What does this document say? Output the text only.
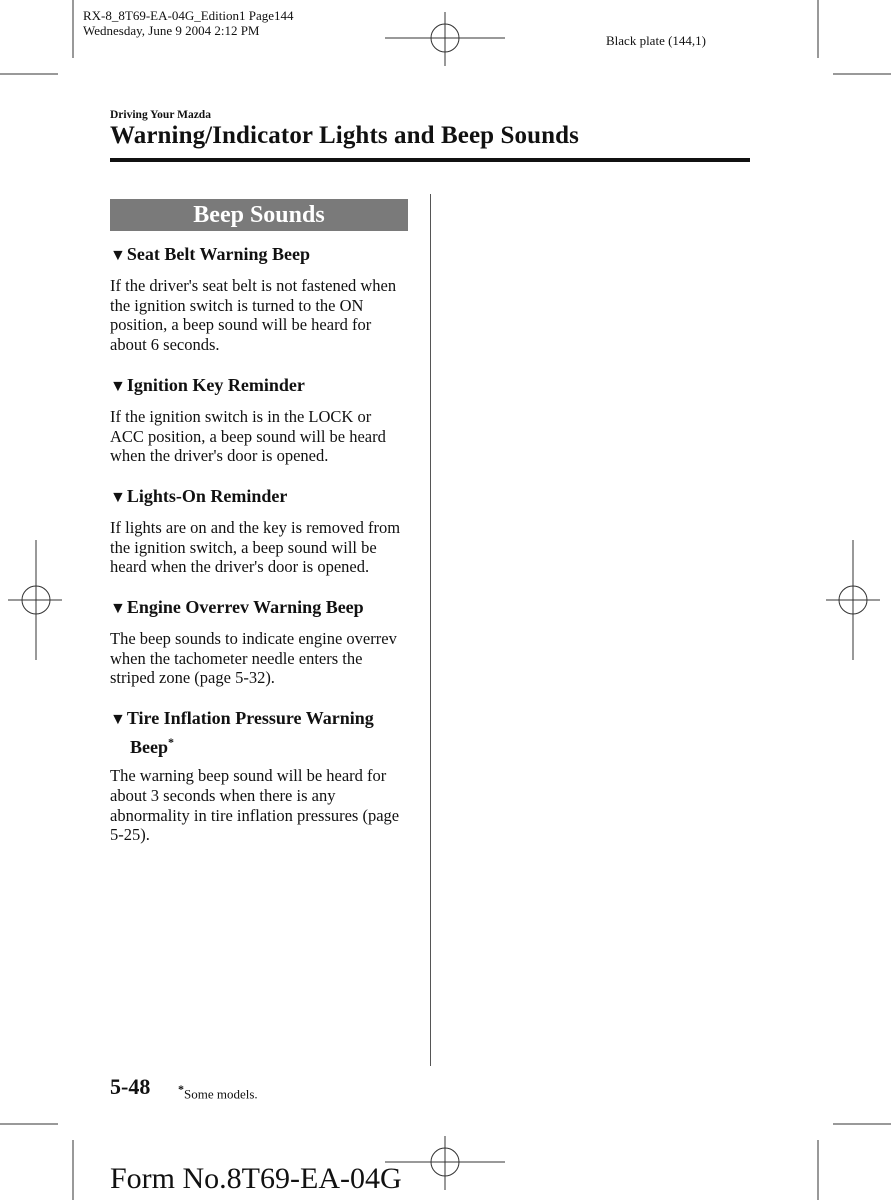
RX-8_8T69-EA-04G_Edition1 Page144
Wednesday, June 9 2004 2:12 PM
Black plate (144,1)
Driving Your Mazda
Warning/Indicator Lights and Beep Sounds
Beep Sounds
▼Seat Belt Warning Beep
If the driver's seat belt is not fastened when the ignition switch is turned to the ON position, a beep sound will be heard for about 6 seconds.
▼Ignition Key Reminder
If the ignition switch is in the LOCK or ACC position, a beep sound will be heard when the driver's door is opened.
▼Lights-On Reminder
If lights are on and the key is removed from the ignition switch, a beep sound will be heard when the driver's door is opened.
▼Engine Overrev Warning Beep
The beep sounds to indicate engine overrev when the tachometer needle enters the striped zone (page 5-32).
▼Tire Inflation Pressure Warning Beep*
The warning beep sound will be heard for about 3 seconds when there is any abnormality in tire inflation pressures (page 5-25).
5-48 *Some models.
Form No.8T69-EA-04G
